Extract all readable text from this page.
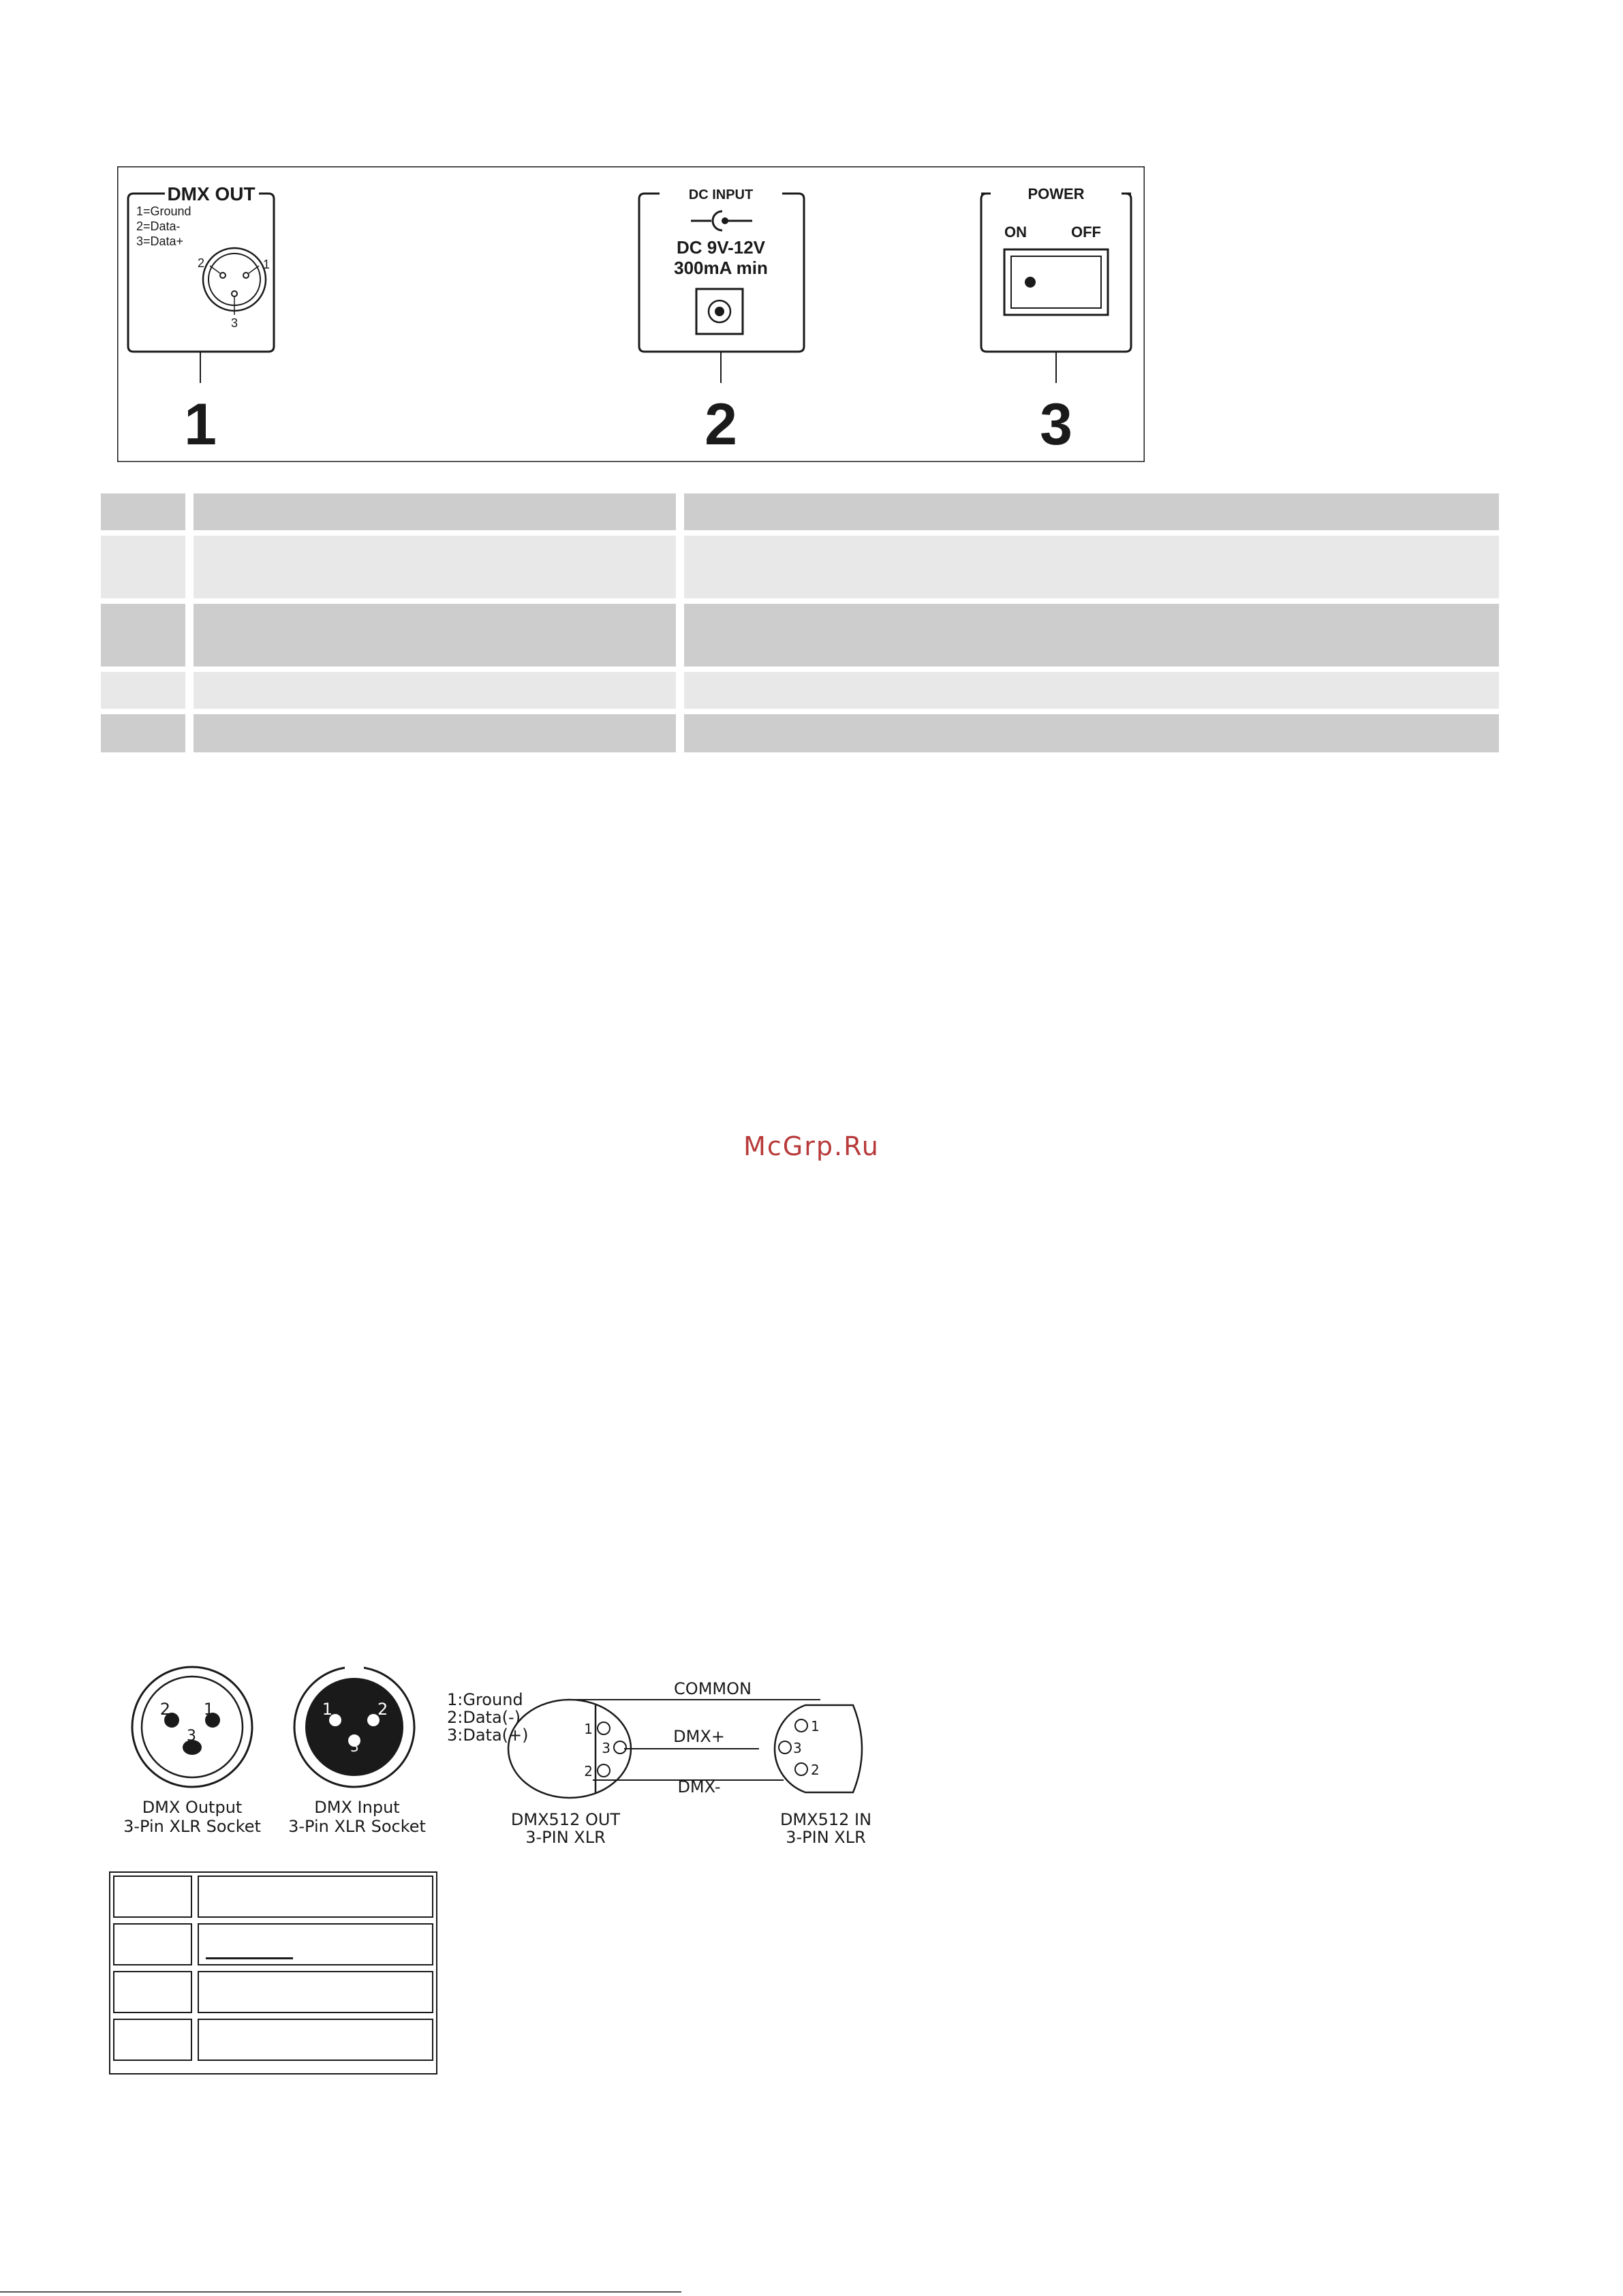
DMX OUT
1=Ground
2=Data-
3=Data+
2	1
3
DC INPUT
DC 9V-12V
300mA min
POWER
ON	OFF
1	2	3
McGrp.Ru
2 1
3
1	2
3
DMX Output
3-Pin XLR Socket
DMX Input
3-Pin XLR Socket
1:Ground
2:Data(-)
3:Data(+)
COMMON
DMX+
DMX-
1
3
2
1
3
2
DMX512 OUT
3-PIN XLR
DMX512 IN
3-PIN XLR
